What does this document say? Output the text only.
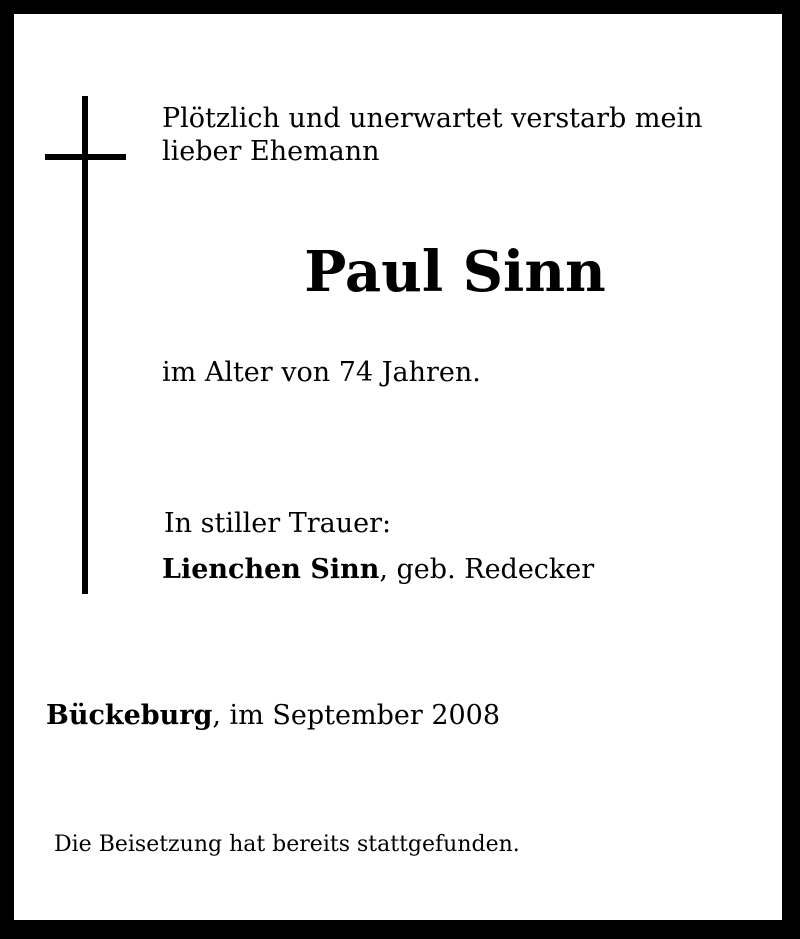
Plötzlich und unerwartet verstarb mein lieber Ehemann
Paul Sinn
im Alter von 74 Jahren.
In stiller Trauer:
Lienchen Sinn, geb. Redecker
Bückeburg, im September 2008
Die Beisetzung hat bereits stattgefunden.
